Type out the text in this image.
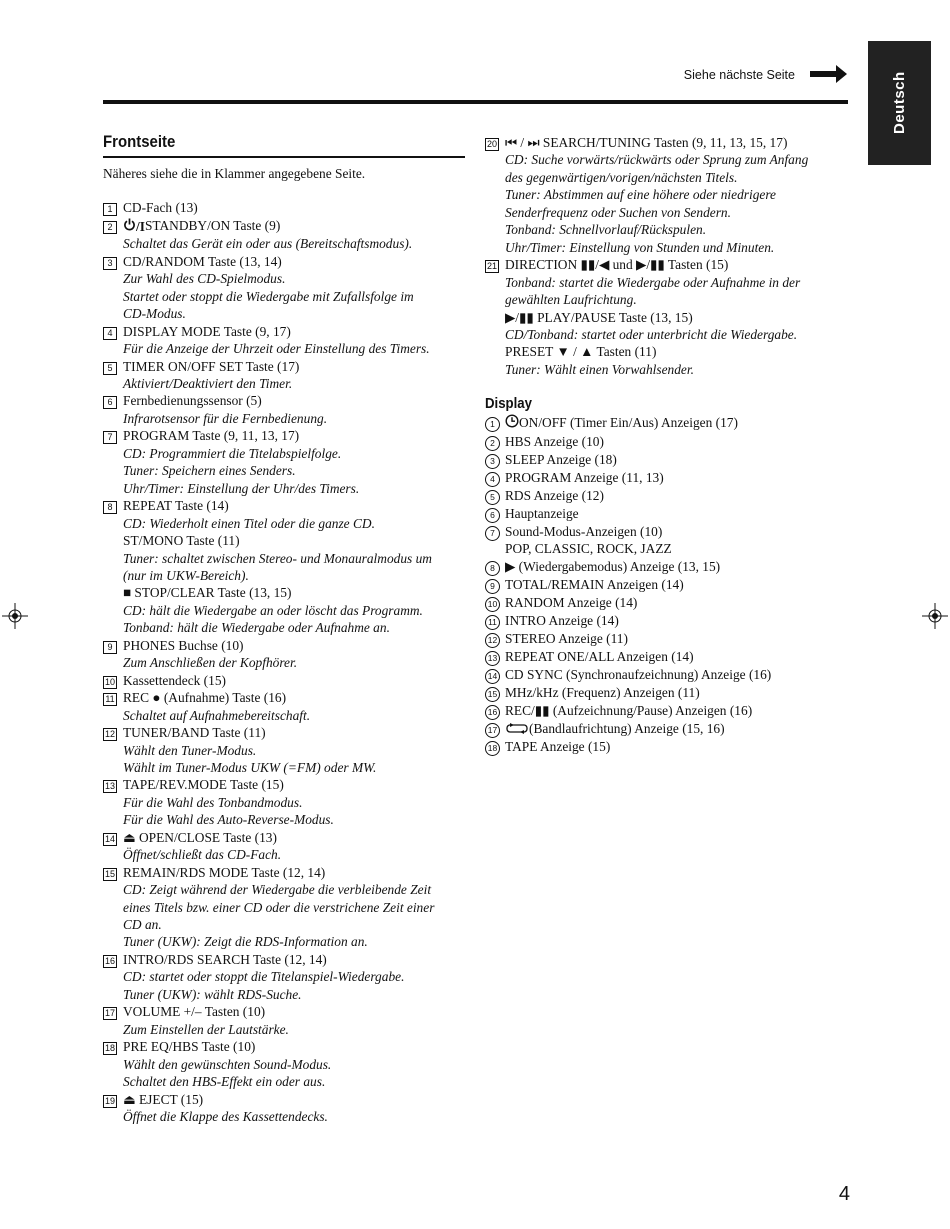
Deutsch
Siehe nächste Seite
Frontseite
Näheres siehe die in Klammer angegebene Seite.
1 CD-Fach (13)
2	/ISTANDBY/ON Taste (9)
Schaltet das Gerät ein oder aus (Bereitschaftsmodus).
3 CD/RANDOM Taste (13, 14)
Zur Wahl des CD-Spielmodus.
Startet oder stoppt die Wiedergabe mit Zufallsfolge im
CD-Modus.
4 DISPLAY MODE Taste (9, 17)
Für die Anzeige der Uhrzeit oder Einstellung des Timers.
5 TIMER ON/OFF SET Taste (17)
Aktiviert/Deaktiviert den Timer.
6 Fernbedienungssensor (5)
Infrarotsensor für die Fernbedienung.
7 PROGRAM Taste (9, 11, 13, 17)
CD: Programmiert die Titelabspielfolge.
Tuner: Speichern eines Senders.
Uhr/Timer: Einstellung der Uhr/des Timers.
8 REPEAT Taste (14)
CD: Wiederholt einen Titel oder die ganze CD.
ST/MONO Taste (11)
Tuner: schaltet zwischen Stereo- und Monauralmodus um
(nur im UKW-Bereich).
■ STOP/CLEAR Taste (13, 15)
CD: hält die Wiedergabe an oder löscht das Programm.
Tonband: hält die Wiedergabe oder Aufnahme an.
9 PHONES Buchse (10)
Zum Anschließen der Kopfhörer.
10 Kassettendeck (15)
11 REC ● (Aufnahme) Taste (16)
Schaltet auf Aufnahmebereitschaft.
12 TUNER/BAND Taste (11)
Wählt den Tuner-Modus.
Wählt im Tuner-Modus UKW (=FM) oder MW.
13 TAPE/REV.MODE Taste (15)
Für die Wahl des Tonbandmodus.
Für die Wahl des Auto-Reverse-Modus.
14 ⏏ OPEN/CLOSE Taste (13)
Öffnet/schließt das CD-Fach.
15 REMAIN/RDS MODE Taste (12, 14)
CD: Zeigt während der Wiedergabe die verbleibende Zeit
eines Titels bzw. einer CD oder die verstrichene Zeit einer
CD an.
Tuner (UKW): Zeigt die RDS-Information an.
16 INTRO/RDS SEARCH Taste (12, 14)
CD: startet oder stoppt die Titelanspiel-Wiedergabe.
Tuner (UKW): wählt RDS-Suche.
17 VOLUME +/– Tasten (10)
Zum Einstellen der Lautstärke.
18 PRE EQ/HBS Taste (10)
Wählt den gewünschten Sound-Modus.
Schaltet den HBS-Effekt ein oder aus.
19 ⏏ EJECT (15)
Öffnet die Klappe des Kassettendecks.
20 ⏮ / ⏭ SEARCH/TUNING Tasten (9, 11, 13, 15, 17)
CD: Suche vorwärts/rückwärts oder Sprung zum Anfang
des gegenwärtigen/vorigen/nächsten Titels.
Tuner: Abstimmen auf eine höhere oder niedrigere
Senderfrequenz oder Suchen von Sendern.
Tonband: Schnellvorlauf/Rückspulen.
Uhr/Timer: Einstellung von Stunden und Minuten.
21 DIRECTION ▮▮/◀ und ▶/▮▮ Tasten (15)
Tonband: startet die Wiedergabe oder Aufnahme in der
gewählten Laufrichtung.
▶/▮▮ PLAY/PAUSE Taste (13, 15)
CD/Tonband: startet oder unterbricht die Wiedergabe.
PRESET ▼ / ▲ Tasten (11)
Tuner: Wählt einen Vorwahlsender.
Display
1	ON/OFF (Timer Ein/Aus) Anzeigen (17)
2 HBS Anzeige (10)
3 SLEEP Anzeige (18)
4 PROGRAM Anzeige (11, 13)
5 RDS Anzeige (12)
6 Hauptanzeige
7 Sound-Modus-Anzeigen (10)
POP, CLASSIC, ROCK, JAZZ
8 ▶ (Wiedergabemodus) Anzeige (13, 15)
9 TOTAL/REMAIN Anzeigen (14)
10 RANDOM Anzeige (14)
11 INTRO Anzeige (14)
12 STEREO Anzeige (11)
13 REPEAT ONE/ALL Anzeigen (14)
14 CD SYNC (Synchronaufzeichnung) Anzeige (16)
15 MHz/kHz (Frequenz) Anzeigen (11)
16 REC/▮▮ (Aufzeichnung/Pause) Anzeigen (16)
17	(Bandlaufrichtung) Anzeige (15, 16)
18 TAPE Anzeige (15)
4
